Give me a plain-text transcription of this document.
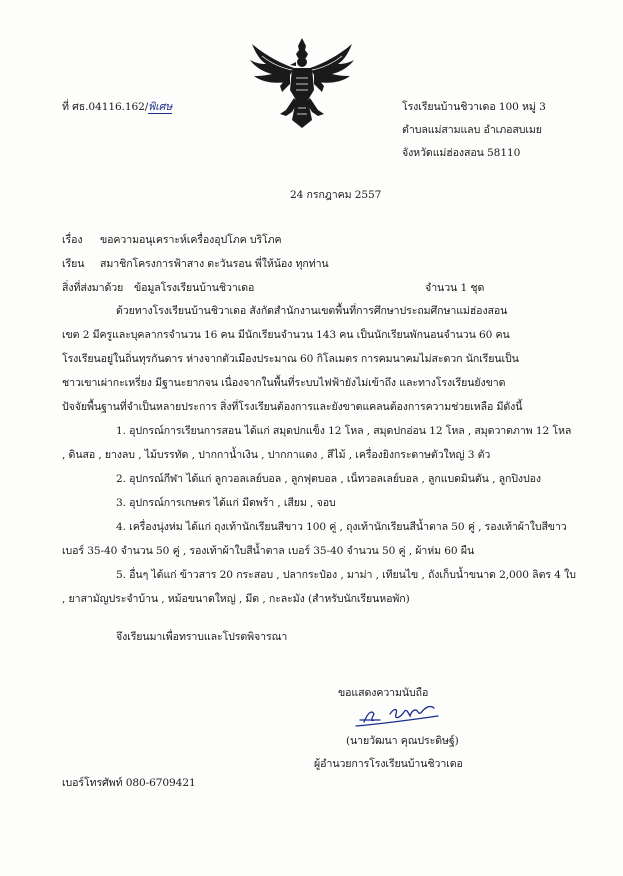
ที่ ศธ.04116.162/พิเศษ	โรงเรียนบ้านชิวาเดอ 100 หมู่ 3
ตำบลแม่สามแลบ อำเภอสบเมย
จังหวัดแม่ฮ่องสอน 58110
24 กรกฎาคม 2557
เรื่อง ขอความอนุเคราะห์เครื่องอุปโภค บริโภค
เรียน สมาชิกโครงการฟ้าสาง ตะวันรอน พี่ให้น้อง ทุกท่าน
สิ่งที่ส่งมาด้วย ข้อมูลโรงเรียนบ้านชิวาเดอ	จำนวน 1 ชุด
ด้วยทางโรงเรียนบ้านชิวาเดอ สังกัดสำนักงานเขตพื้นที่การศึกษาประถมศึกษาแม่ฮ่องสอน
เขต 2 มีครูและบุคลากรจำนวน 16 คน มีนักเรียนจำนวน 143 คน เป็นนักเรียนพักนอนจำนวน 60 คน
โรงเรียนอยู่ในถิ่นทุรกันดาร ห่างจากตัวเมืองประมาณ 60 กิโลเมตร การคมนาคมไม่สะดวก นักเรียนเป็น
ชาวเขาเผ่ากะเหรี่ยง มีฐานะยากจน เนื่องจากในพื้นที่ระบบไฟฟ้ายังไม่เข้าถึง และทางโรงเรียนยังขาด
ปัจจัยพื้นฐานที่จำเป็นหลายประการ สิ่งที่โรงเรียนต้องการและยังขาดแคลนต้องการความช่วยเหลือ มีดังนี้
1. อุปกรณ์การเรียนการสอน ได้แก่ สมุดปกแข็ง 12 โหล , สมุดปกอ่อน 12 โหล , สมุดวาดภาพ 12 โหล
, ดินสอ , ยางลบ , ไม้บรรทัด , ปากกาน้ำเงิน , ปากกาแดง , สีไม้ , เครื่องยิงกระดาษตัวใหญ่ 3 ตัว
2. อุปกรณ์กีฬา ได้แก่ ลูกวอลเลย์บอล , ลูกฟุตบอล , เน็ทวอลเลย์บอล , ลูกแบดมินตัน , ลูกปิงปอง
3. อุปกรณ์การเกษตร ได้แก่ มีดพร้า , เสียม , จอบ
4. เครื่องนุ่งห่ม ได้แก่ ถุงเท้านักเรียนสีขาว 100 คู่ , ถุงเท้านักเรียนสีน้ำตาล 50 คู่ , รองเท้าผ้าใบสีขาว
เบอร์ 35-40 จำนวน 50 คู่ , รองเท้าผ้าใบสีน้ำตาล เบอร์ 35-40 จำนวน 50 คู่ , ผ้าห่ม 60 ผืน
5. อื่นๆ ได้แก่ ข้าวสาร 20 กระสอบ , ปลากระป๋อง , มาม่า , เทียนไข , ถังเก็บน้ำขนาด 2,000 ลิตร 4 ใบ
, ยาสามัญประจำบ้าน , หม้อขนาดใหญ่ , มีด , กะละมัง (สำหรับนักเรียนหอพัก)
จึงเรียนมาเพื่อทราบและโปรดพิจารณา
ขอแสดงความนับถือ
(นายวัฒนา คุณประดิษฐ์)
ผู้อำนวยการโรงเรียนบ้านชิวาเดอ
เบอร์โทรศัพท์ 080-6709421
